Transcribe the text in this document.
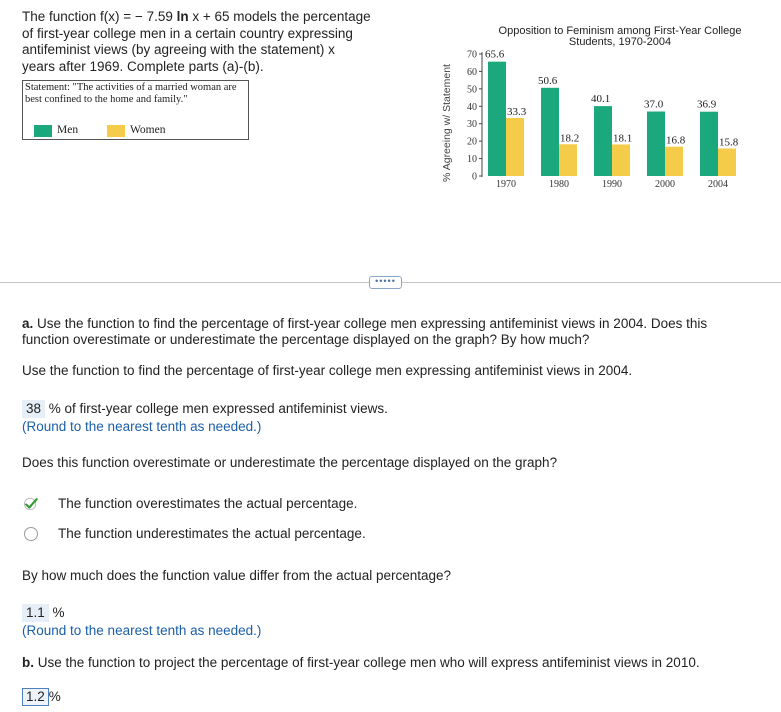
The function f(x) = − 7.59 ln x + 65 models the percentage
of first-year college men in a certain country expressing
antifeminist views (by agreeing with the statement) x
years after 1969. Complete parts (a)-(b).
Statement: "The activities of a married woman are best confined to the home and family."
Men	Women
Opposition to Feminism among First-Year College
Students, 1970-2004
% Agreeing w/ Statement
70
60
50
40
30
20
10
0
65.6
33.3
1970
50.6
18.2
1980
40.1
18.1
1990
37.0
16.8
2000
36.9
15.8
2004
•••••
a. Use the function to find the percentage of first-year college men expressing antifeminist views in 2004. Does this
function overestimate or underestimate the percentage displayed on the graph? By how much?
Use the function to find the percentage of first-year college men expressing antifeminist views in 2004.
38 % of first-year college men expressed antifeminist views.
(Round to the nearest tenth as needed.)
Does this function overestimate or underestimate the percentage displayed on the graph?
The function overestimates the actual percentage.
The function underestimates the actual percentage.
By how much does the function value differ from the actual percentage?
1.1 %
(Round to the nearest tenth as needed.)
b. Use the function to project the percentage of first-year college men who will express antifeminist views in 2010.
1.2 %
